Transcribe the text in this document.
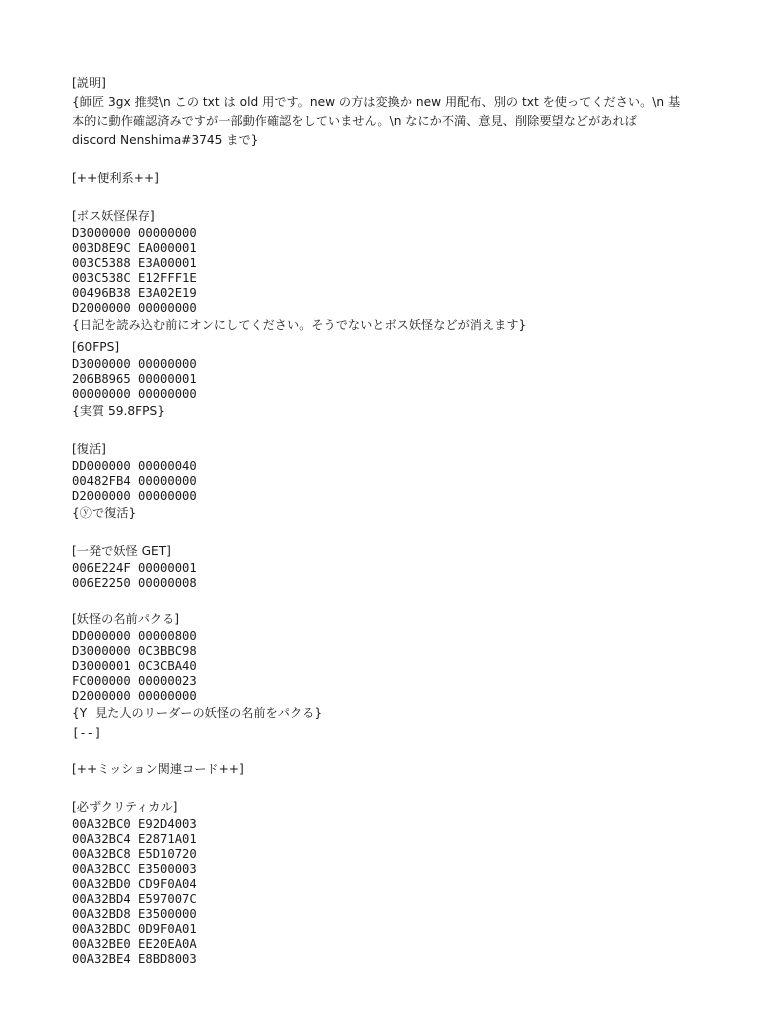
[説明]
{師匠 3gx 推奨\n この txt は old 用です。new の方は変換か new 用配布、別の txt を使ってください。\n 基
本的に動作確認済みですが一部動作確認をしていません。\n なにか不満、意見、削除要望などがあれば
discord Nenshima#3745 まで}
[++便利系++]
[ボス妖怪保存]
D3000000 00000000
003D8E9C EA000001
003C5388 E3A00001
003C538C E12FFF1E
00496B38 E3A02E19
D2000000 00000000
{日記を読み込む前にオンにしてください。そうでないとボス妖怪などが消えます}
[60FPS]
D3000000 00000000
206B8965 00000001
00000000 00000000
{実質 59.8FPS}
[復活]
DD000000 00000040
00482FB4 00000000
D2000000 00000000
{ⓨで復活}
[一発で妖怪 GET]
006E224F 00000001
006E2250 00000008
[妖怪の名前パクる]
DD000000 00000800
D3000000 0C3BBC98
D3000001 0C3CBA40
FC000000 00000023
D2000000 00000000
{Y  見た人のリーダーの妖怪の名前をパクる}
[--]
[++ミッション関連コード++]
[必ずクリティカル]
00A32BC0 E92D4003
00A32BC4 E2871A01
00A32BC8 E5D10720
00A32BCC E3500003
00A32BD0 CD9F0A04
00A32BD4 E597007C
00A32BD8 E3500000
00A32BDC 0D9F0A01
00A32BE0 EE20EA0A
00A32BE4 E8BD8003
